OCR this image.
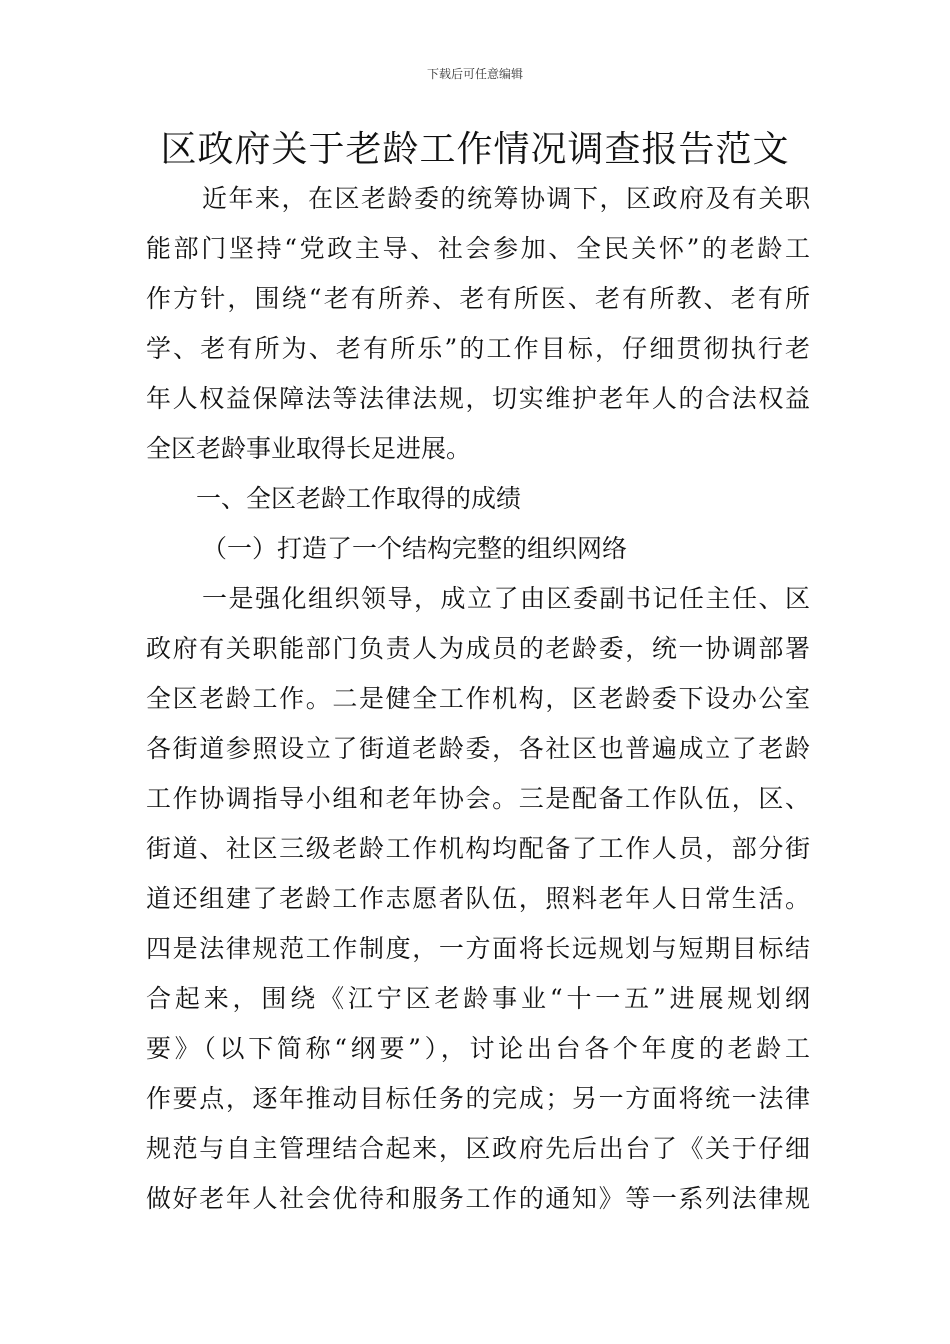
下载后可任意编辑
区政府关于老龄工作情况调查报告范文
近年来，在区老龄委的统筹协调下，区政府及有关职
能部门坚持“党政主导、社会参加、全民关怀”的老龄工
作方针，围绕“老有所养、老有所医、老有所教、老有所
学、老有所为、老有所乐”的工作目标，仔细贯彻执行老
年人权益保障法等法律法规，切实维护老年人的合法权益
全区老龄事业取得长足进展。
一、全区老龄工作取得的成绩
（一）打造了一个结构完整的组织网络
一是强化组织领导，成立了由区委副书记任主任、区
政府有关职能部门负责人为成员的老龄委，统一协调部署
全区老龄工作。二是健全工作机构，区老龄委下设办公室
各街道参照设立了街道老龄委，各社区也普遍成立了老龄
工作协调指导小组和老年协会。三是配备工作队伍，区、
街道、社区三级老龄工作机构均配备了工作人员，部分街
道还组建了老龄工作志愿者队伍，照料老年人日常生活。
四是法律规范工作制度，一方面将长远规划与短期目标结
合起来，围绕《江宁区老龄事业“十一五”进展规划纲
要》（以下简称“纲要”），讨论出台各个年度的老龄工
作要点，逐年推动目标任务的完成；另一方面将统一法律
规范与自主管理结合起来，区政府先后出台了《关于仔细
做好老年人社会优待和服务工作的通知》等一系列法律规
